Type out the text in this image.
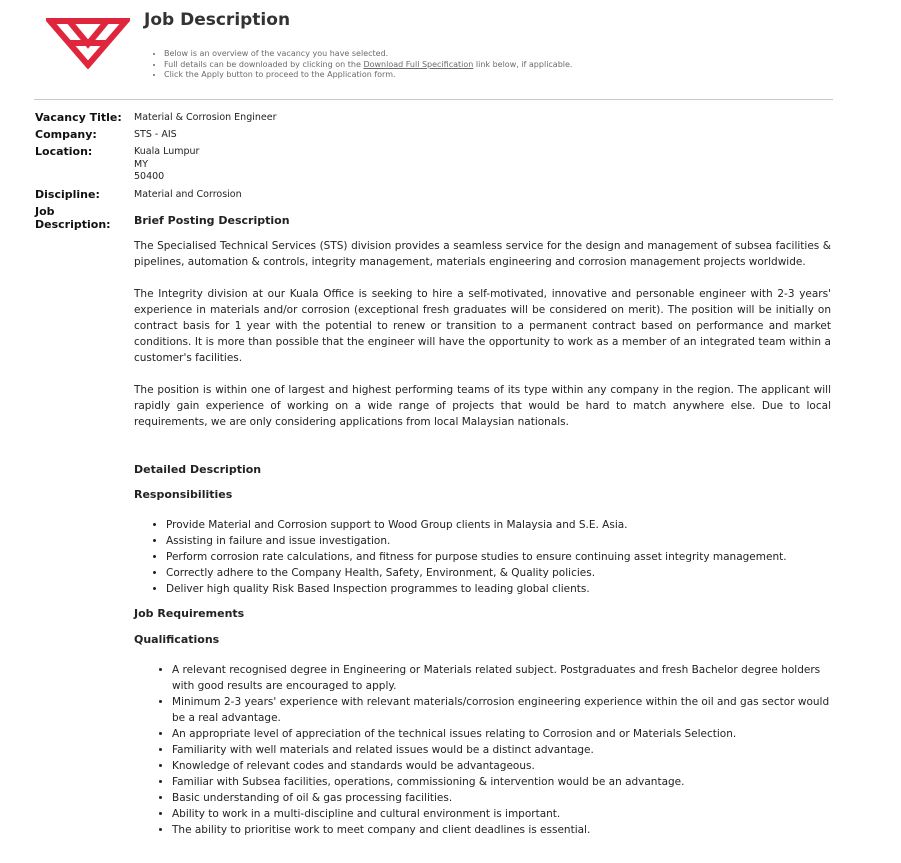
Job Description
• Below is an overview of the vacancy you have selected.
• Full details can be downloaded by clicking on the Download Full Specification link below, if applicable.
• Click the Apply button to proceed to the Application form.
Vacancy Title: Material & Corrosion Engineer
Company:	STS - AIS
Location:	Kuala Lumpur
MY
50400
Discipline:	Material and Corrosion
Job
Description: Brief Posting Description

The Specialised Technical Services (STS) division provides a seamless service for the design and management of subsea facilities & pipelines, automation & controls, integrity management, materials engineering and corrosion management projects worldwide.

The Integrity division at our Kuala Office is seeking to hire a self-motivated, innovative and personable engineer with 2-3 years' experience in materials and/or corrosion (exceptional fresh graduates will be considered on merit). The position will be initially on contract basis for 1 year with the potential to renew or transition to a permanent contract based on performance and market conditions. It is more than possible that the engineer will have the opportunity to work as a member of an integrated team within a customer's facilities.

The position is within one of largest and highest performing teams of its type within any company in the region. The applicant will rapidly gain experience of working on a wide range of projects that would be hard to match anywhere else. Due to local requirements, we are only considering applications from local Malaysian nationals.

Detailed Description
Responsibilities
• Provide Material and Corrosion support to Wood Group clients in Malaysia and S.E. Asia.
• Assisting in failure and issue investigation.
• Perform corrosion rate calculations, and fitness for purpose studies to ensure continuing asset integrity management.
• Correctly adhere to the Company Health, Safety, Environment, & Quality policies.
• Deliver high quality Risk Based Inspection programmes to leading global clients.
Job Requirements
Qualifications
• A relevant recognised degree in Engineering or Materials related subject. Postgraduates and fresh Bachelor degree holders with good results are encouraged to apply.
• Minimum 2-3 years' experience with relevant materials/corrosion engineering experience within the oil and gas sector would be a real advantage.
• An appropriate level of appreciation of the technical issues relating to Corrosion and or Materials Selection.
• Familiarity with well materials and related issues would be a distinct advantage.
• Knowledge of relevant codes and standards would be advantageous.
• Familiar with Subsea facilities, operations, commissioning & intervention would be an advantage.
• Basic understanding of oil & gas processing facilities.
• Ability to work in a multi-discipline and cultural environment is important.
• The ability to prioritise work to meet company and client deadlines is essential.
